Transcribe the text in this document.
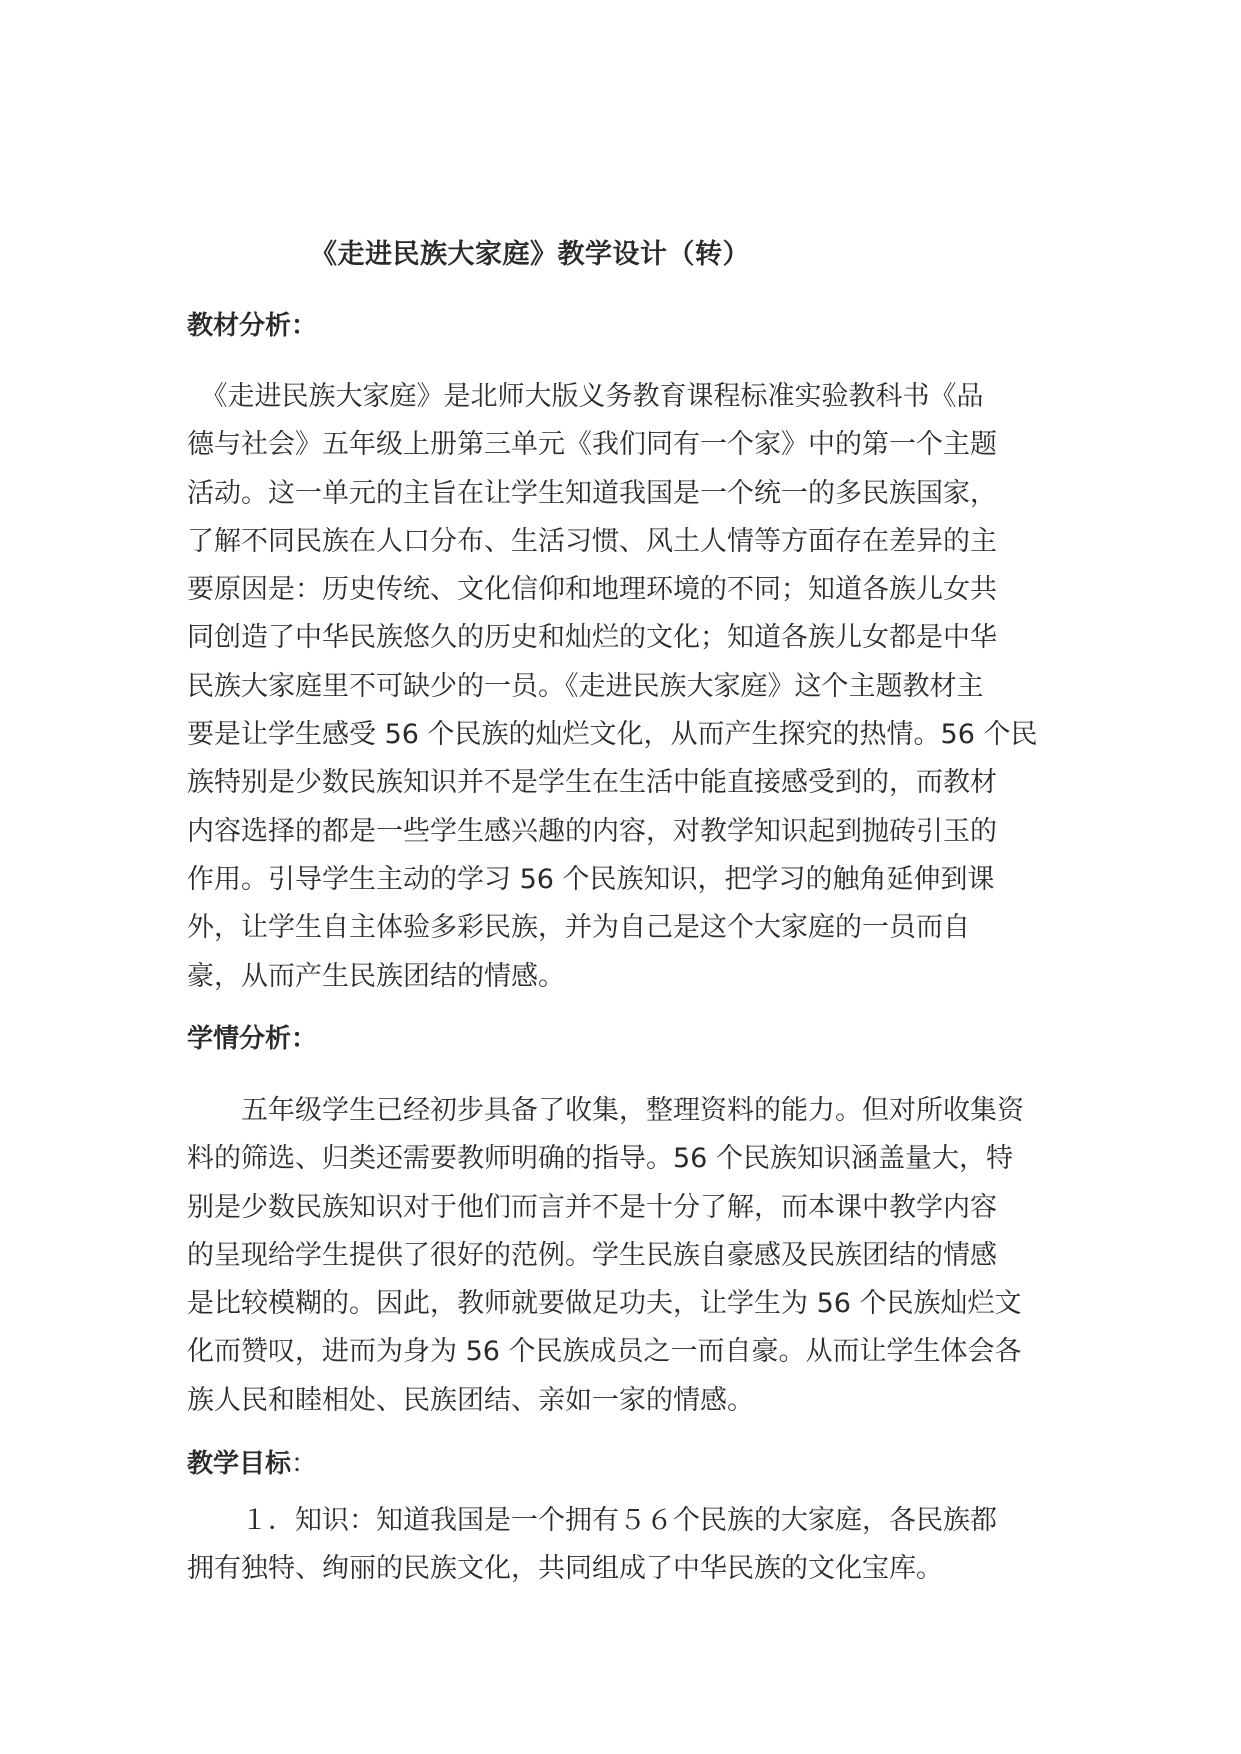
《走进民族大家庭》教学设计（转）
教材分析：
　《走进民族大家庭》是北师大版义务教育课程标准实验教科书《品
德与社会》五年级上册第三单元《我们同有一个家》中的第一个主题
活动。这一单元的主旨在让学生知道我国是一个统一的多民族国家，
了解不同民族在人口分布、生活习惯、风土人情等方面存在差异的主
要原因是：历史传统、文化信仰和地理环境的不同；知道各族儿女共
同创造了中华民族悠久的历史和灿烂的文化；知道各族儿女都是中华
民族大家庭里不可缺少的一员。《走进民族大家庭》这个主题教材主
要是让学生感受 56 个民族的灿烂文化，从而产生探究的热情。56 个民
族特别是少数民族知识并不是学生在生活中能直接感受到的，而教材
内容选择的都是一些学生感兴趣的内容，对教学知识起到抛砖引玉的
作用。引导学生主动的学习 56 个民族知识，把学习的触角延伸到课
外，让学生自主体验多彩民族，并为自己是这个大家庭的一员而自
豪，从而产生民族团结的情感。
学情分析：
　　五年级学生已经初步具备了收集，整理资料的能力。但对所收集资
料的筛选、归类还需要教师明确的指导。56 个民族知识涵盖量大，特
别是少数民族知识对于他们而言并不是十分了解，而本课中教学内容
的呈现给学生提供了很好的范例。学生民族自豪感及民族团结的情感
是比较模糊的。因此，教师就要做足功夫，让学生为 56 个民族灿烂文
化而赞叹，进而为身为 56 个民族成员之一而自豪。从而让学生体会各
族人民和睦相处、民族团结、亲如一家的情感。
教学目标：
　　１．知识：知道我国是一个拥有５６个民族的大家庭，各民族都
拥有独特、绚丽的民族文化，共同组成了中华民族的文化宝库。
